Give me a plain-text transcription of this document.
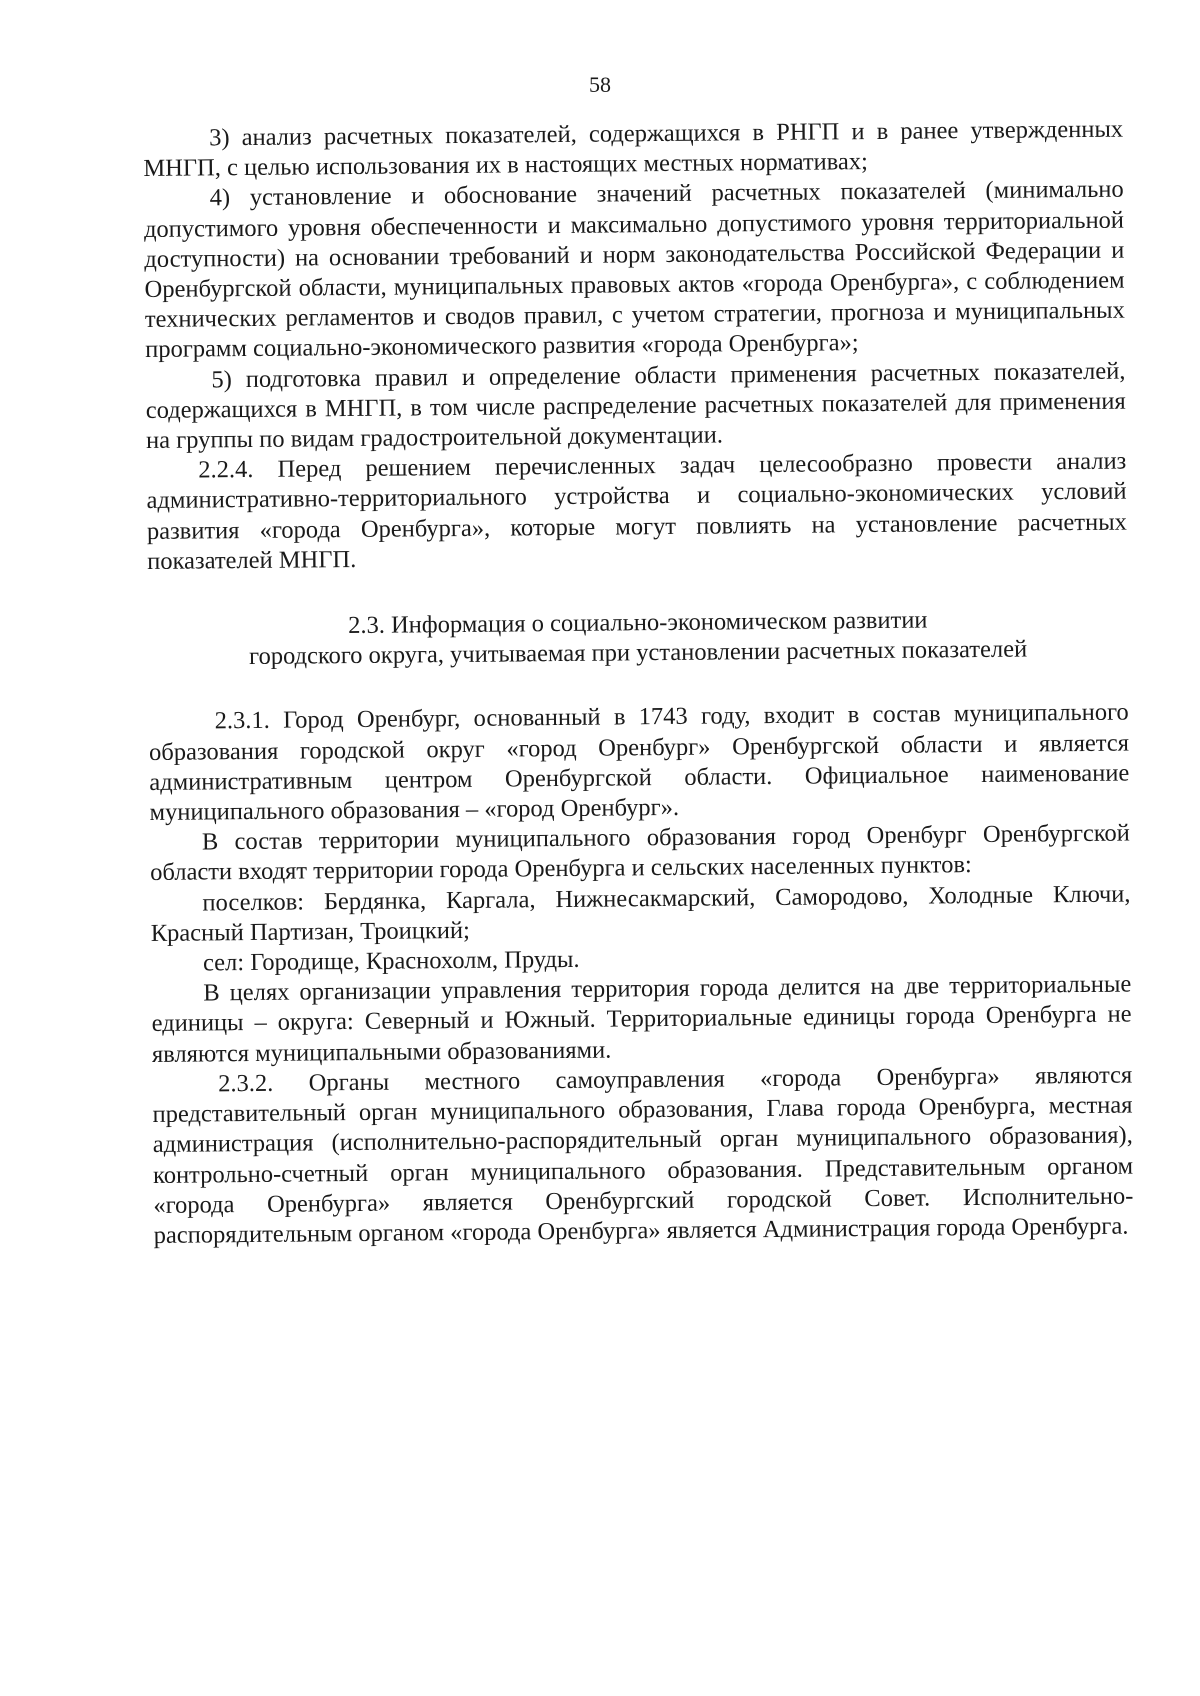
58

3) анализ расчетных показателей, содержащихся в РНГП и в ранее утвержденных МНГП, с целью использования их в настоящих местных нормативах;

4) установление и обоснование значений расчетных показателей (минимально допустимого уровня обеспеченности и максимально допустимого уровня территориальной доступности) на основании требований и норм законодательства Российской Федерации и Оренбургской области, муниципальных правовых актов «города Оренбурга», с соблюдением технических регламентов и сводов правил, с учетом стратегии, прогноза и муниципальных программ социально-экономического развития «города Оренбурга»;

5) подготовка правил и определение области применения расчетных показателей, содержащихся в МНГП, в том числе распределение расчетных показателей для применения на группы по видам градостроительной документации.

2.2.4. Перед решением перечисленных задач целесообразно провести анализ административно-территориального устройства и социально-экономических условий развития «города Оренбурга», которые могут повлиять на установление расчетных показателей МНГП.

2.3. Информация о социально-экономическом развитии
городского округа, учитываемая при установлении расчетных показателей

2.3.1. Город Оренбург, основанный в 1743 году, входит в состав муниципального образования городской округ «город Оренбург» Оренбургской области и является административным центром Оренбургской области. Официальное наименование муниципального образования – «город Оренбург».

В состав территории муниципального образования город Оренбург Оренбургской области входят территории города Оренбурга и сельских населенных пунктов:

поселков: Бердянка, Каргала, Нижнесакмарский, Самородово, Холодные Ключи, Красный Партизан, Троицкий;

сел: Городище, Краснохолм, Пруды.

В целях организации управления территория города делится на две территориальные единицы – округа: Северный и Южный. Территориальные единицы города Оренбурга не являются муниципальными образованиями.

2.3.2. Органы местного самоуправления «города Оренбурга» являются представительный орган муниципального образования, Глава города Оренбурга, местная администрация (исполнительно-распорядительный орган муниципального образования), контрольно-счетный орган муниципального образования. Представительным органом «города Оренбурга» является Оренбургский городской Совет. Исполнительно-распорядительным органом «города Оренбурга» является Администрация города Оренбурга.
